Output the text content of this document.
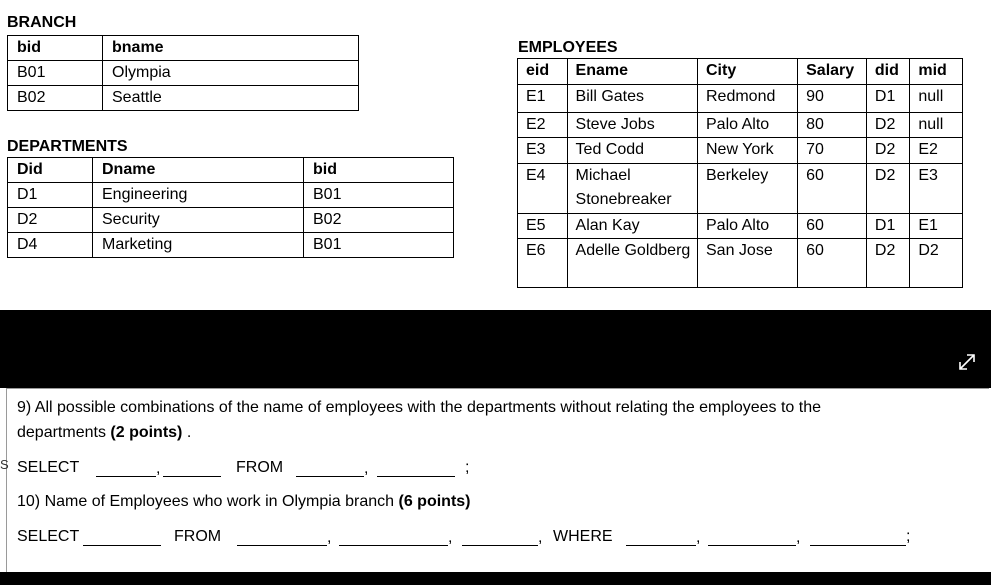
BRANCH
bid	bname
B01	Olympia
B02	Seattle
DEPARTMENTS
Did	Dname	bid
D1	Engineering	B01
D2	Security	B02
D4	Marketing	B01
EMPLOYEES
eid	Ename	City	Salary	did	mid
E1	Bill Gates	Redmond	90	D1	null
E2	Steve Jobs	Palo Alto	80	D2	null
E3	Ted Codd	New York	70	D2	E2
E4	Michael Stonebreaker	Berkeley	60	D2	E3
E5	Alan Kay	Palo Alto	60	D1	E1
E6	Adelle Goldberg	San Jose	60	D2	D2
S
9) All possible combinations of the name of employees with the departments without relating the employees to the
departments (2 points) .
SELECT	,	FROM	,	;
10) Name of Employees who work in Olympia branch (6 points)
SELECT	FROM	,	,	, WHERE	,	,	;
